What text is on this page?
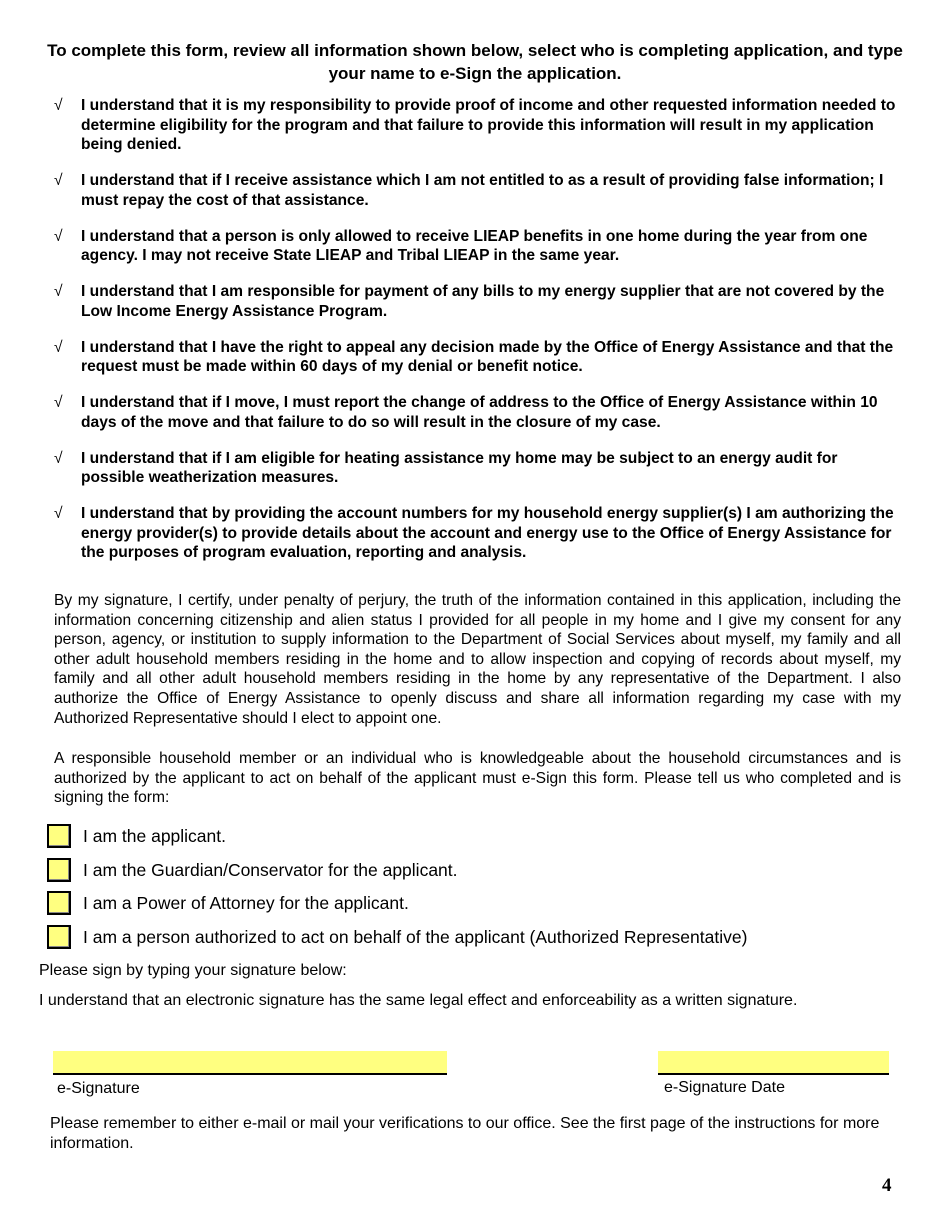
To complete this form, review all information shown below, select who is completing application, and type your name to e-Sign the application.
√ I understand that it is my responsibility to provide proof of income and other requested information needed to determine eligibility for the program and that failure to provide this information will result in my application being denied.
√ I understand that if I receive assistance which I am not entitled to as a result of providing false information; I must repay the cost of that assistance.
√ I understand that a person is only allowed to receive LIEAP benefits in one home during the year from one agency. I may not receive State LIEAP and Tribal LIEAP in the same year.
√ I understand that I am responsible for payment of any bills to my energy supplier that are not covered by the Low Income Energy Assistance Program.
√ I understand that I have the right to appeal any decision made by the Office of Energy Assistance and that the request must be made within 60 days of my denial or benefit notice.
√ I understand that if I move, I must report the change of address to the Office of Energy Assistance within 10 days of the move and that failure to do so will result in the closure of my case.
√ I understand that if I am eligible for heating assistance my home may be subject to an energy audit for possible weatherization measures.
√ I understand that by providing the account numbers for my household energy supplier(s) I am authorizing the energy provider(s) to provide details about the account and energy use to the Office of Energy Assistance for the purposes of program evaluation, reporting and analysis.
By my signature, I certify, under penalty of perjury, the truth of the information contained in this application, including the information concerning citizenship and alien status I provided for all people in my home and I give my consent for any person, agency, or institution to supply information to the Department of Social Services about myself, my family and all other adult household members residing in the home and to allow inspection and copying of records about myself, my family and all other adult household members residing in the home by any representative of the Department. I also authorize the Office of Energy Assistance to openly discuss and share all information regarding my case with my Authorized Representative should I elect to appoint one.
A responsible household member or an individual who is knowledgeable about the household circumstances and is authorized by the applicant to act on behalf of the applicant must e-Sign this form. Please tell us who completed and is signing the form:
I am the applicant.
I am the Guardian/Conservator for the applicant.
I am a Power of Attorney for the applicant.
I am a person authorized to act on behalf of the applicant (Authorized Representative)
Please sign by typing your signature below:
I understand that an electronic signature has the same legal effect and enforceability as a written signature.
e-Signature	e-Signature Date
Please remember to either e-mail or mail your verifications to our office. See the first page of the instructions for more information.
4
